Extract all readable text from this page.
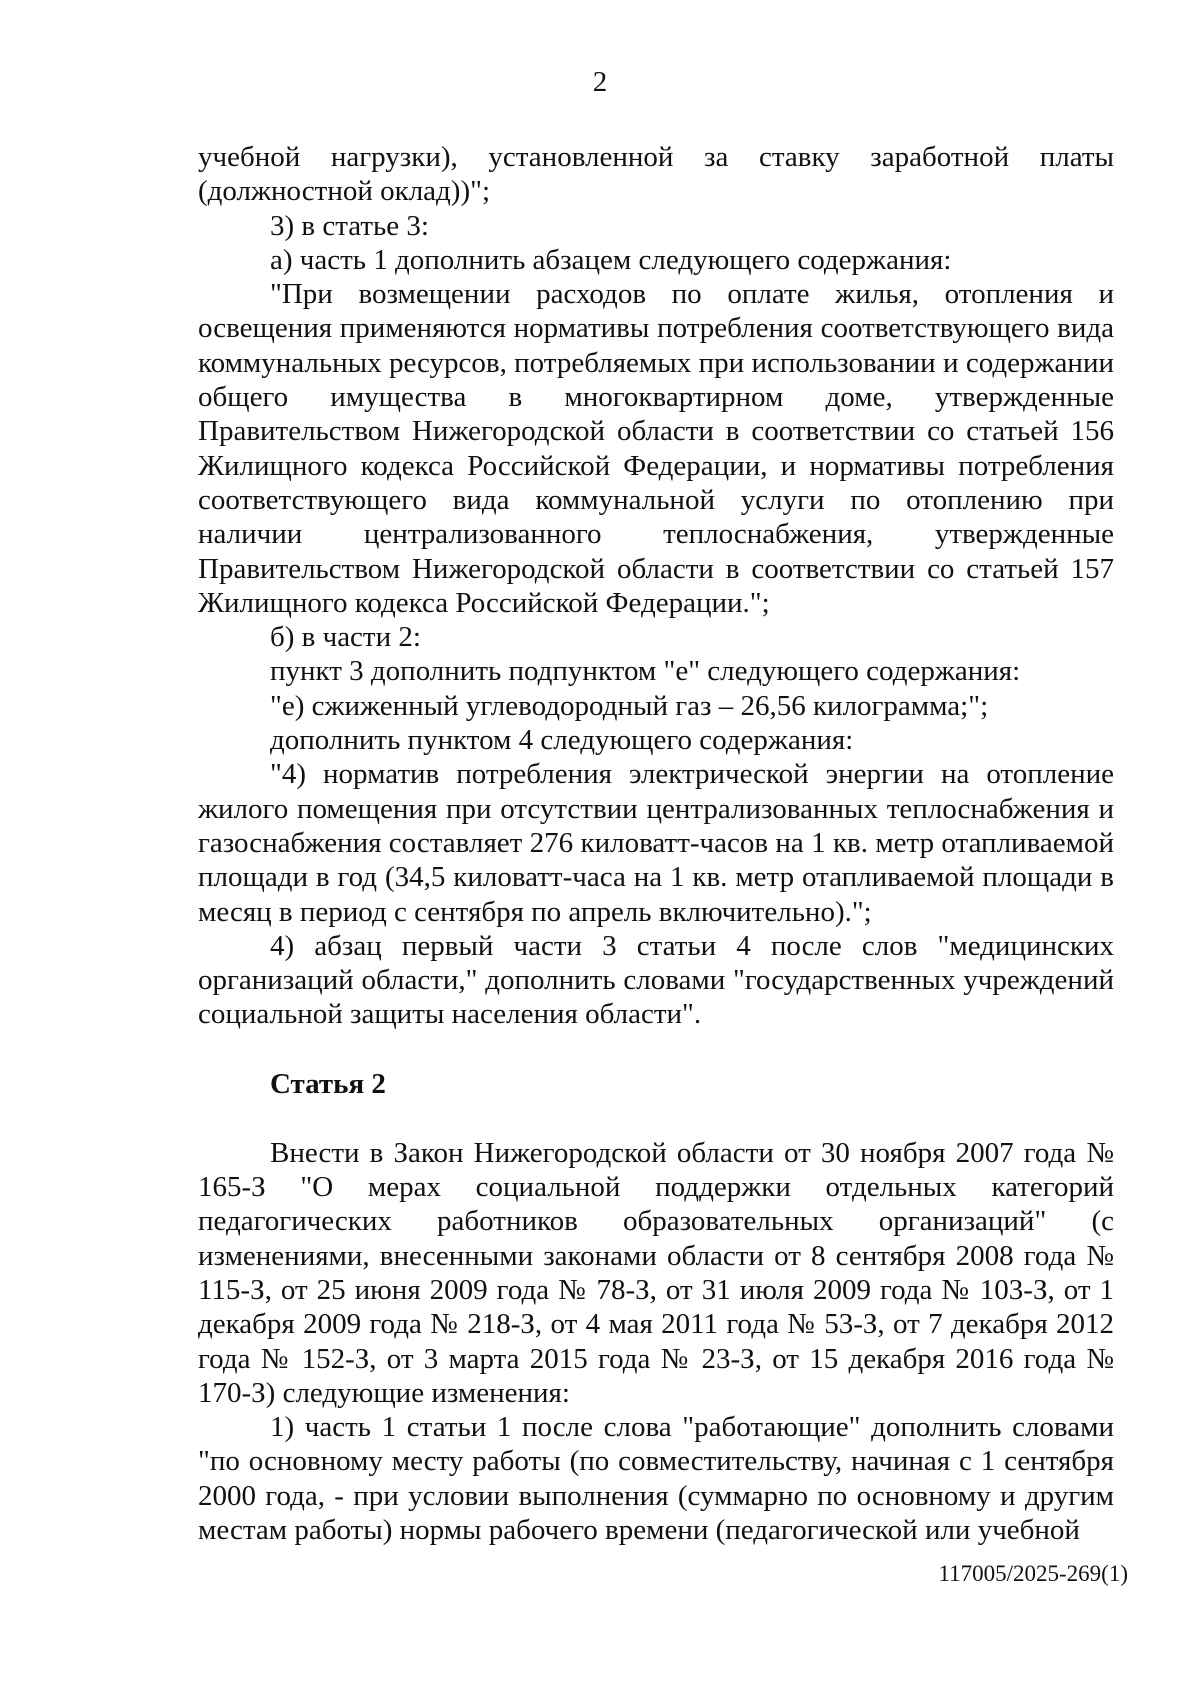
2

учебной нагрузки), установленной за ставку заработной платы (должностной оклад))";

3) в статье 3:

а) часть 1 дополнить абзацем следующего содержания:

"При возмещении расходов по оплате жилья, отопления и освещения применяются нормативы потребления соответствующего вида коммунальных ресурсов, потребляемых при использовании и содержании общего имущества в многоквартирном доме, утвержденные Правительством Нижегородской области в соответствии со статьей 156 Жилищного кодекса Российской Федерации, и нормативы потребления соответствующего вида коммунальной услуги по отоплению при наличии централизованного теплоснабжения, утвержденные Правительством Нижегородской области в соответствии со статьей 157 Жилищного кодекса Российской Федерации.";

б) в части 2:

пункт 3 дополнить подпунктом "е" следующего содержания:

"е) сжиженный углеводородный газ – 26,56 килограмма;";

дополнить пунктом 4 следующего содержания:

"4) норматив потребления электрической энергии на отопление жилого помещения при отсутствии централизованных теплоснабжения и газоснабжения составляет 276 киловатт-часов на 1 кв. метр отапливаемой площади в год (34,5 киловатт-часа на 1 кв. метр отапливаемой площади в месяц в период с сентября по апрель включительно).";

4) абзац первый части 3 статьи 4 после слов "медицинских организаций области," дополнить словами "государственных учреждений социальной защиты населения области".

Статья 2

Внести в Закон Нижегородской области от 30 ноября 2007 года № 165-З "О мерах социальной поддержки отдельных категорий педагогических работников образовательных организаций" (с изменениями, внесенными законами области от 8 сентября 2008 года № 115-З, от 25 июня 2009 года № 78-З, от 31 июля 2009 года № 103-З, от 1 декабря 2009 года № 218-З, от 4 мая 2011 года № 53-З, от 7 декабря 2012 года № 152-З, от 3 марта 2015 года № 23-З, от 15 декабря 2016 года № 170-З) следующие изменения:

1) часть 1 статьи 1 после слова "работающие" дополнить словами "по основному месту работы (по совместительству, начиная с 1 сентября 2000 года, - при условии выполнения (суммарно по основному и другим местам работы) нормы рабочего времени (педагогической или учебной

117005/2025-269(1)
